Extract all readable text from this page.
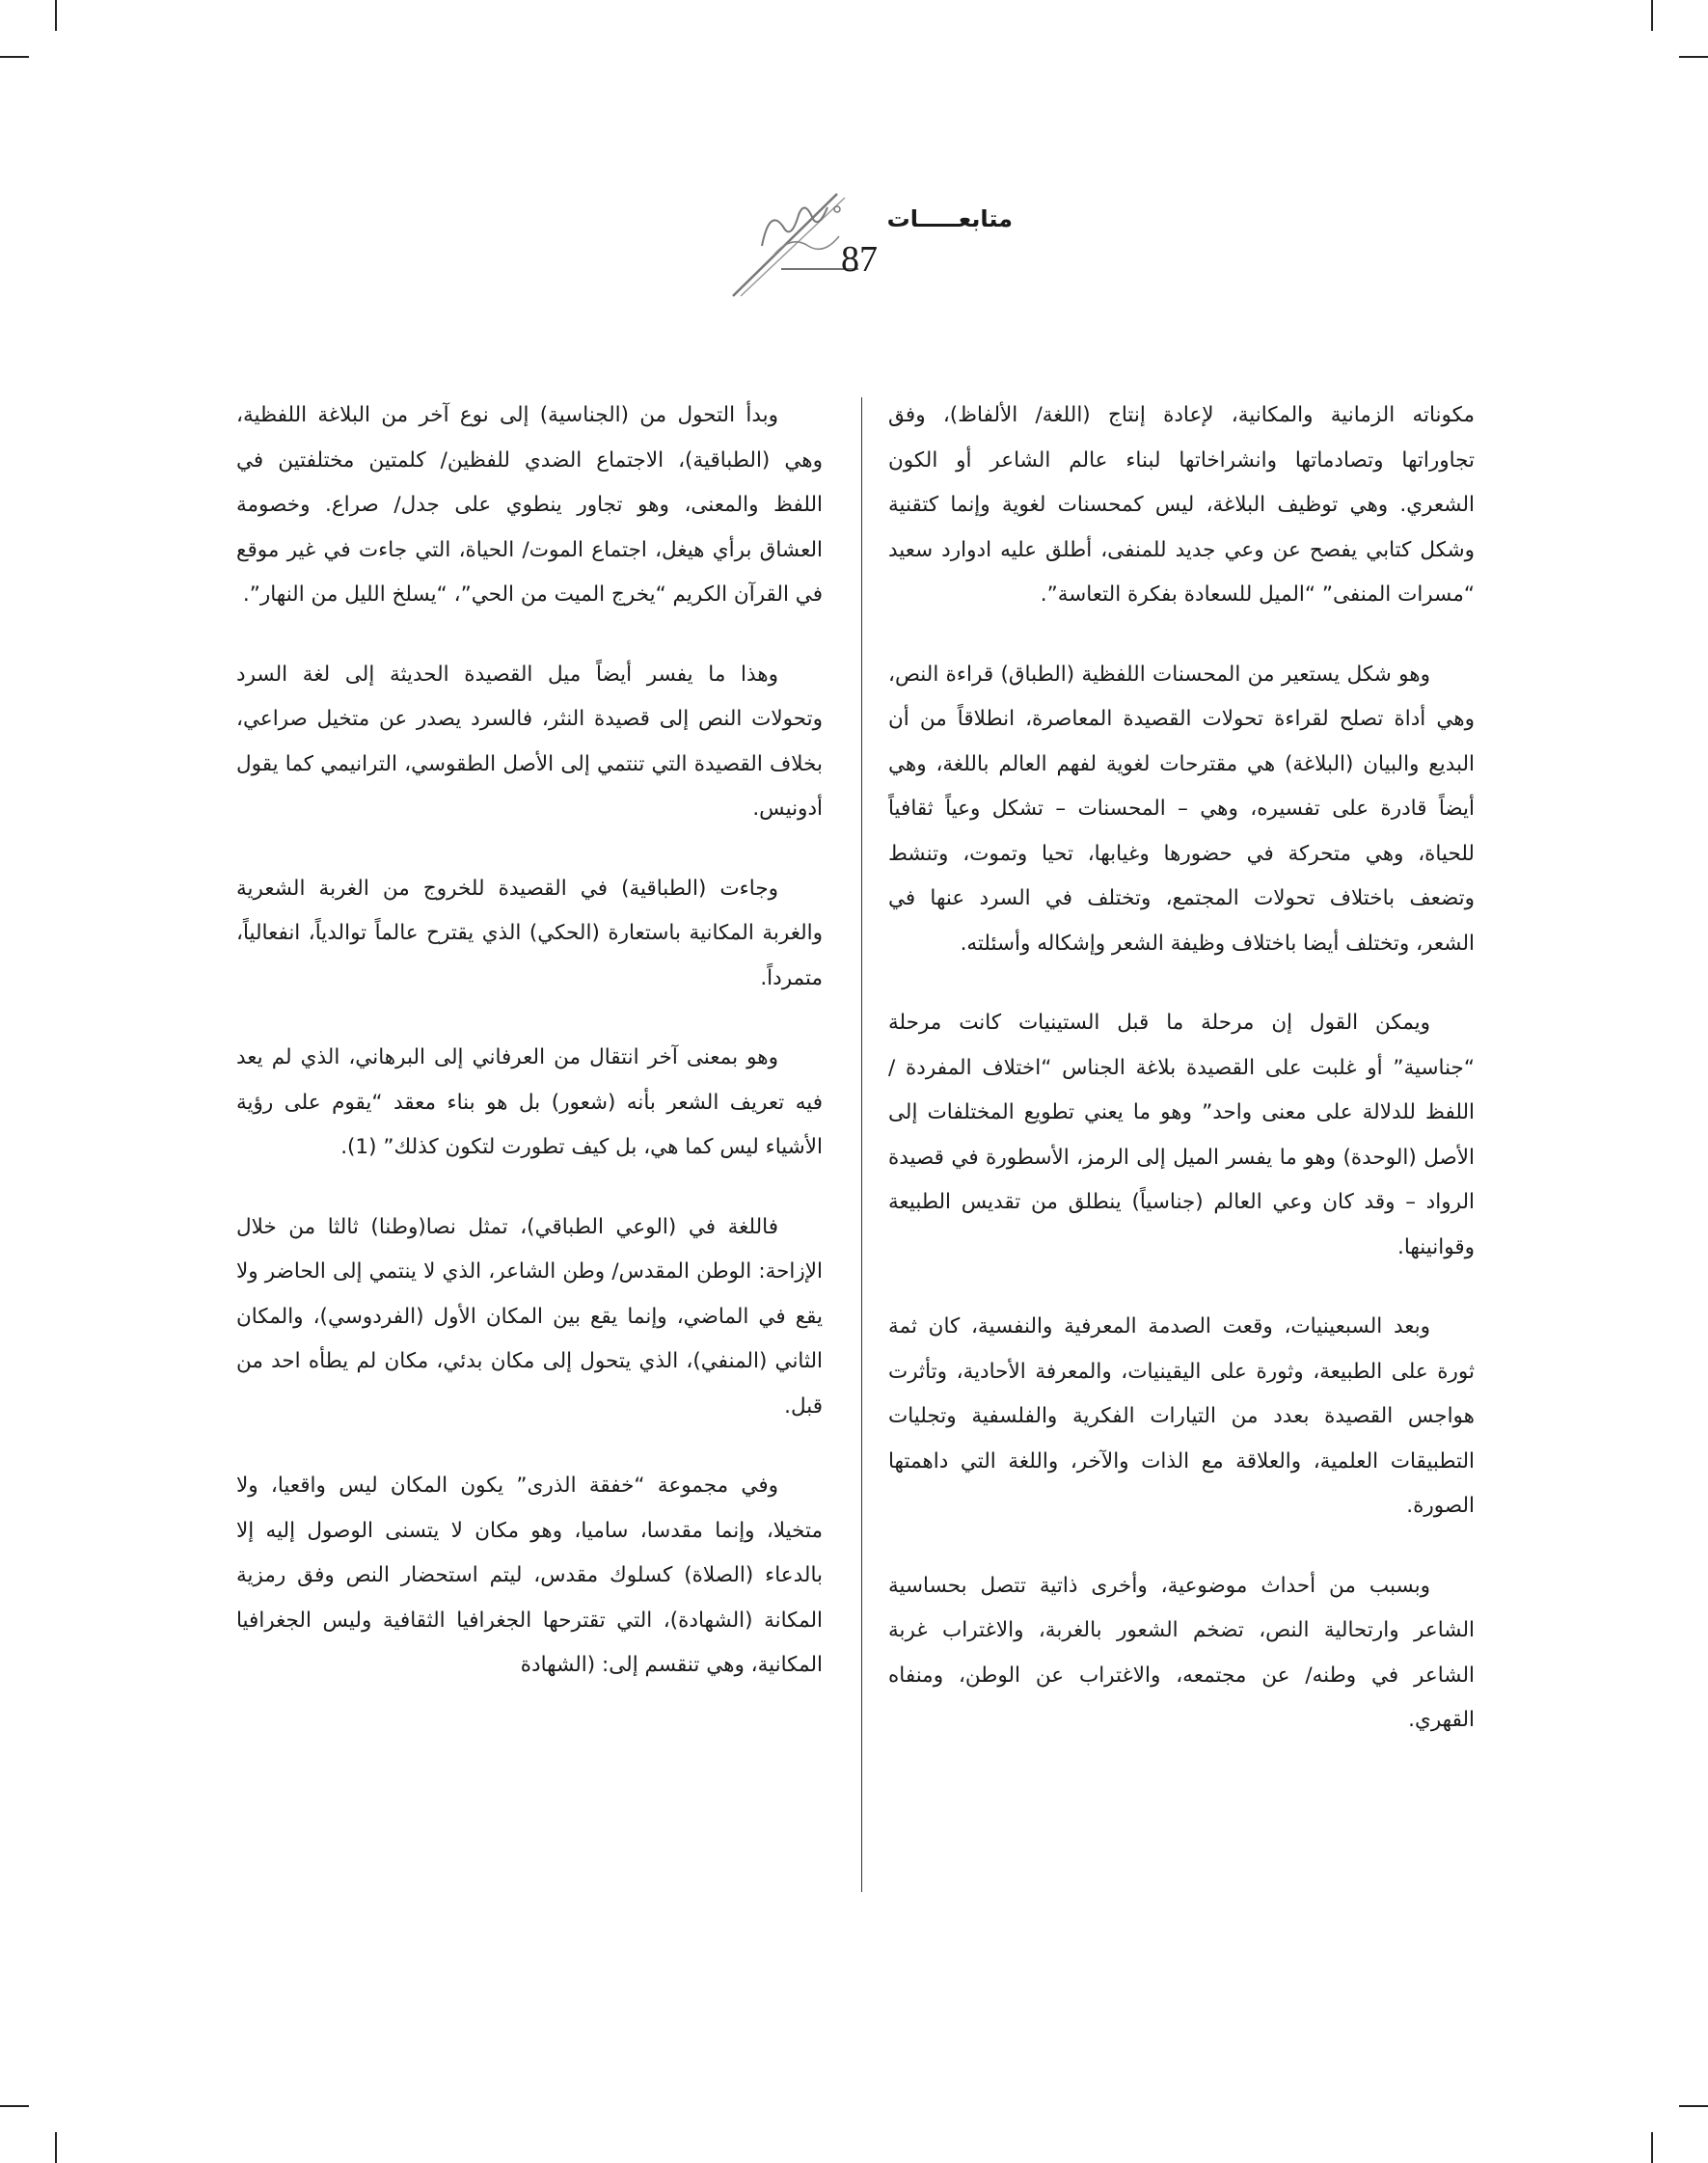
متابعـــــات
87

مكوناته الزمانية والمكانية، لإعادة إنتاج (اللغة/ الألفاظ)، وفق تجاوراتها وتصادماتها وانشراخاتها لبناء عالم الشاعر أو الكون الشعري. وهي توظيف البلاغة، ليس كمحسنات لغوية وإنما كتقنية وشكل كتابي يفصح عن وعي جديد للمنفى، أطلق عليه ادوارد سعيد “مسرات المنفى” “الميل للسعادة بفكرة التعاسة”.

وهو شكل يستعير من المحسنات اللفظية (الطباق) قراءة النص، وهي أداة تصلح لقراءة تحولات القصيدة المعاصرة، انطلاقاً من أن البديع والبيان (البلاغة) هي مقترحات لغوية لفهم العالم باللغة، وهي أيضاً قادرة على تفسيره، وهي – المحسنات – تشكل وعياً ثقافياً للحياة، وهي متحركة في حضورها وغيابها، تحيا وتموت، وتنشط وتضعف باختلاف تحولات المجتمع، وتختلف في السرد عنها في الشعر، وتختلف أيضا باختلاف وظيفة الشعر وإشكاله وأسئلته.

ويمكن القول إن مرحلة ما قبل الستينيات كانت مرحلة “جناسية” أو غلبت على القصيدة بلاغة الجناس “اختلاف المفردة / اللفظ للدلالة على معنى واحد” وهو ما يعني تطويع المختلفات إلى الأصل (الوحدة) وهو ما يفسر الميل إلى الرمز، الأسطورة في قصيدة الرواد – وقد كان وعي العالم (جناسياً) ينطلق من تقديس الطبيعة وقوانينها.

وبعد السبعينيات، وقعت الصدمة المعرفية والنفسية، كان ثمة ثورة على الطبيعة، وثورة على اليقينيات، والمعرفة الأحادية، وتأثرت هواجس القصيدة بعدد من التيارات الفكرية والفلسفية وتجليات التطبيقات العلمية، والعلاقة مع الذات والآخر، واللغة التي داهمتها الصورة.

وبسبب من أحداث موضوعية، وأخرى ذاتية تتصل بحساسية الشاعر وارتحالية النص، تضخم الشعور بالغربة، والاغتراب غربة الشاعر في وطنه/ عن مجتمعه، والاغتراب عن الوطن، ومنفاه القهري.

وبدأ التحول من (الجناسية) إلى نوع آخر من البلاغة اللفظية، وهي (الطباقية)، الاجتماع الضدي للفظين/ كلمتين مختلفتين في اللفظ والمعنى، وهو تجاور ينطوي على جدل/ صراع. وخصومة العشاق برأي هيغل، اجتماع الموت/ الحياة، التي جاءت في غير موقع في القرآن الكريم “يخرج الميت من الحي”، “يسلخ الليل من النهار”.

وهذا ما يفسر أيضاً ميل القصيدة الحديثة إلى لغة السرد وتحولات النص إلى قصيدة النثر، فالسرد يصدر عن متخيل صراعي، بخلاف القصيدة التي تنتمي إلى الأصل الطقوسي، الترانيمي كما يقول أدونيس.

وجاءت (الطباقية) في القصيدة للخروج من الغربة الشعرية والغربة المكانية باستعارة (الحكي) الذي يقترح عالماً توالدياً، انفعالياً، متمرداً.

وهو بمعنى آخر انتقال من العرفاني إلى البرهاني، الذي لم يعد فيه تعريف الشعر بأنه (شعور) بل هو بناء معقد “يقوم على رؤية الأشياء ليس كما هي، بل كيف تطورت لتكون كذلك” (1).

فاللغة في (الوعي الطباقي)، تمثل نصا(وطنا) ثالثا من خلال الإزاحة: الوطن المقدس/ وطن الشاعر، الذي لا ينتمي إلى الحاضر ولا يقع في الماضي، وإنما يقع بين المكان الأول (الفردوسي)، والمكان الثاني (المنفي)، الذي يتحول إلى مكان بدئي، مكان لم يطأه احد من قبل.

وفي مجموعة “خفقة الذرى” يكون المكان ليس واقعيا، ولا متخيلا، وإنما مقدسا، ساميا، وهو مكان لا يتسنى الوصول إليه إلا بالدعاء (الصلاة) كسلوك مقدس، ليتم استحضار النص وفق رمزية المكانة (الشهادة)، التي تقترحها الجغرافيا الثقافية وليس الجغرافيا المكانية، وهي تنقسم إلى: (الشهادة
